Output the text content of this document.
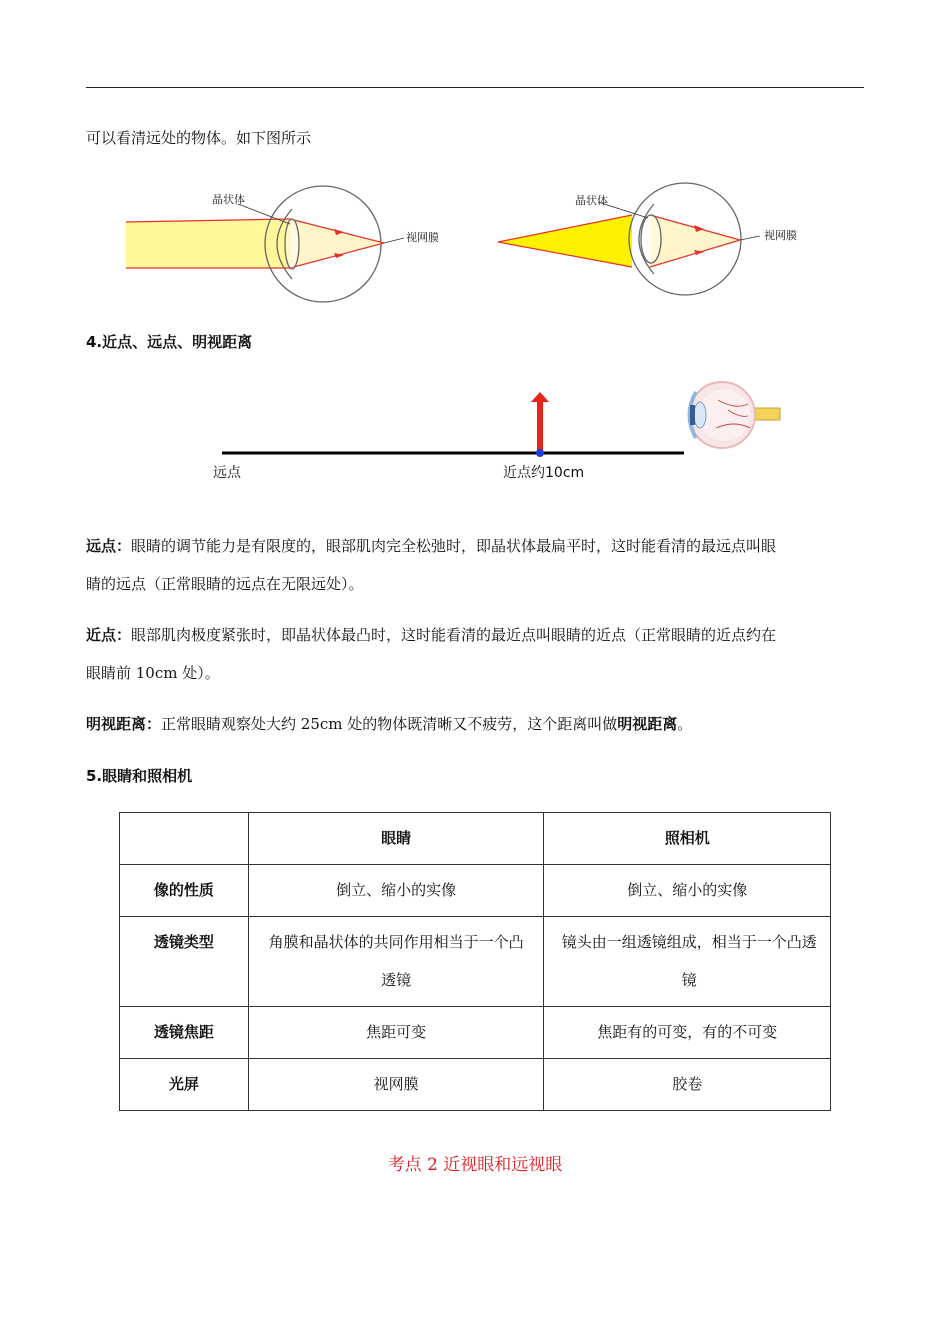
可以看清远处的物体。如下图所示
晶状体
视网膜
晶状体
视网膜
4.近点、远点、明视距离
远点	近点约10cm
远点：眼睛的调节能力是有限度的，眼部肌肉完全松弛时，即晶状体最扁平时，这时能看清的最远点叫眼
睛的远点（正常眼睛的远点在无限远处）。
近点：眼部肌肉极度紧张时，即晶状体最凸时，这时能看清的最近点叫眼睛的近点（正常眼睛的近点约在
眼睛前 10cm 处）。
明视距离：正常眼睛观察处大约 25cm 处的物体既清晰又不疲劳，这个距离叫做明视距离。
5.眼睛和照相机
	眼睛	照相机
像的性质	倒立、缩小的实像	倒立、缩小的实像
透镜类型	角膜和晶状体的共同作用相当于一个凸透镜	镜头由一组透镜组成，相当于一个凸透镜
透镜焦距	焦距可变	焦距有的可变，有的不可变
光屏	视网膜	胶卷
考点 2 近视眼和远视眼
